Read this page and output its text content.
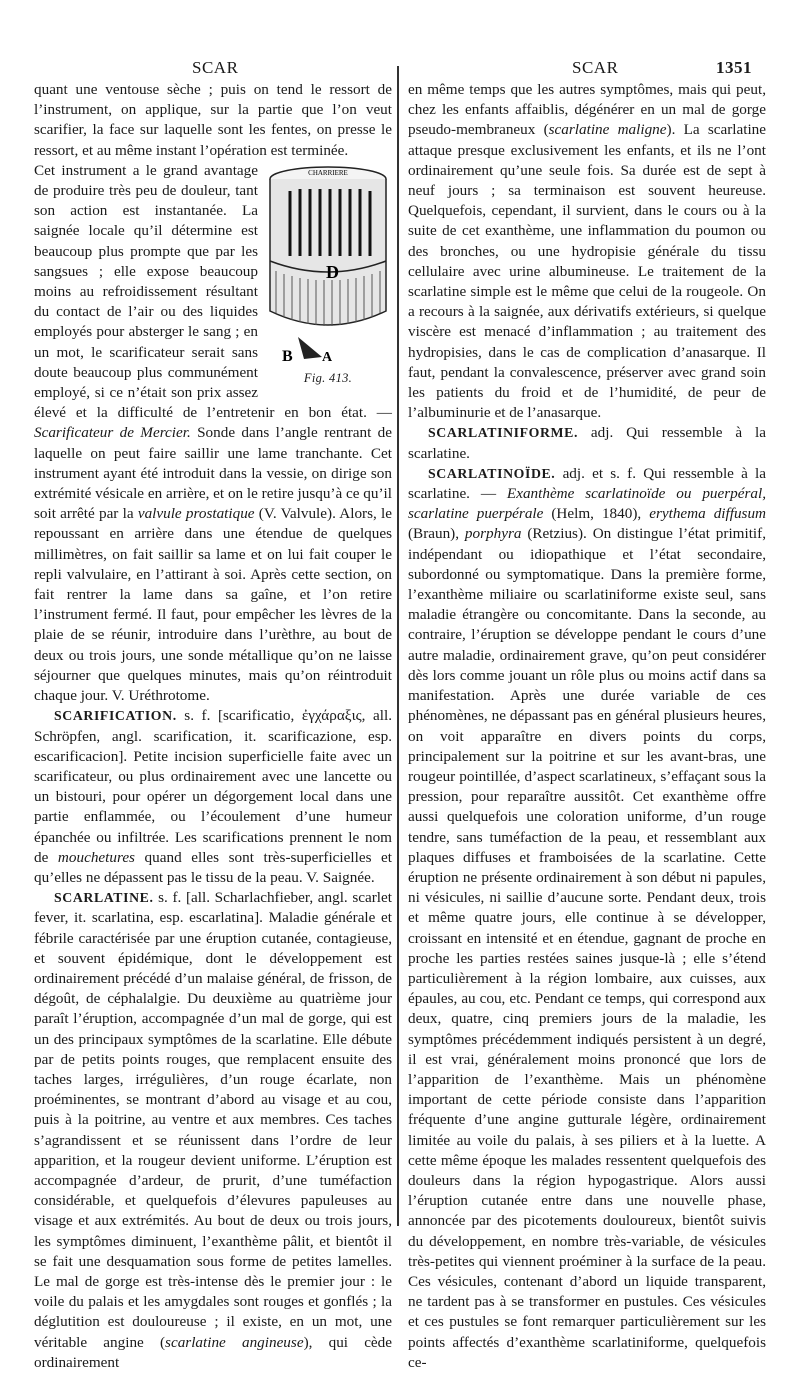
SCAR	SCAR	1351

quant une ventouse sèche ; puis on tend le ressort de l’instrument, on applique, sur la partie que l’on veut scarifier, la face sur laquelle sont les fentes, on presse le ressort, et au même instant l’opération est terminée.

CHARRIERE
D
B A
Fig. 413.

Cet instrument a le grand avantage de produire très peu de douleur, tant son action est instantanée. La saignée locale qu’il détermine est beaucoup plus prompte que par les sangsues ; elle expose beaucoup moins au refroidissement résultant du contact de l’air ou des liquides employés pour absterger le sang ; en un mot, le scarificateur serait sans doute beaucoup plus communément employé, si ce n’était son prix assez élevé et la difficulté de l’entretenir en bon état. — Scarificateur de Mercier. Sonde dans l’angle rentrant de laquelle on peut faire saillir une lame tranchante. Cet instrument ayant été introduit dans la vessie, on dirige son extrémité vésicale en arrière, et on le retire jusqu’à ce qu’il soit arrêté par la valvule prostatique (V. Valvule). Alors, le repoussant en arrière dans une étendue de quelques millimètres, on fait saillir sa lame et on lui fait couper le repli valvulaire, en l’attirant à soi. Après cette section, on fait rentrer la lame dans sa gaîne, et l’on retire l’instrument fermé. Il faut, pour empêcher les lèvres de la plaie de se réunir, introduire dans l’urèthre, au bout de deux ou trois jours, une sonde métallique qu’on ne laisse séjourner que quelques minutes, mais qu’on réintroduit chaque jour. V. Uréthrotome.

SCARIFICATION. s. f. [scarificatio, ἐγχάραξις, all. Schröpfen, angl. scarification, it. scarificazione, esp. escarificacion]. Petite incision superficielle faite avec un scarificateur, ou plus ordinairement avec une lancette ou un bistouri, pour opérer un dégorgement local dans une partie enflammée, ou l’écoulement d’une humeur épanchée ou infiltrée. Les scarifications prennent le nom de mouchetures quand elles sont très-superficielles et qu’elles ne dépassent pas le tissu de la peau. V. Saignée.

SCARLATINE. s. f. [all. Scharlachfieber, angl. scarlet fever, it. scarlatina, esp. escarlatina]. Maladie générale et fébrile caractérisée par une éruption cutanée, contagieuse, et souvent épidémique, dont le développement est ordinairement précédé d’un malaise général, de frisson, de dégoût, de céphalalgie. Du deuxième au quatrième jour paraît l’éruption, accompagnée d’un mal de gorge, qui est un des principaux symptômes de la scarlatine. Elle débute par de petits points rouges, que remplacent ensuite des taches larges, irrégulières, d’un rouge écarlate, non proéminentes, se montrant d’abord au visage et au cou, puis à la poitrine, au ventre et aux membres. Ces taches s’agrandissent et se réunissent dans l’ordre de leur apparition, et la rougeur devient uniforme. L’éruption est accompagnée d’ardeur, de prurit, d’une tuméfaction considérable, et quelquefois d’élevures papuleuses au visage et aux extrémités. Au bout de deux ou trois jours, les symptômes diminuent, l’exanthème pâlit, et bientôt il se fait une desquamation sous forme de petites lamelles. Le mal de gorge est très-intense dès le premier jour : le voile du palais et les amygdales sont rouges et gonflés ; la déglutition est douloureuse ; il existe, en un mot, une véritable angine (scarlatine angineuse), qui cède ordinairement

en même temps que les autres symptômes, mais qui peut, chez les enfants affaiblis, dégénérer en un mal de gorge pseudo-membraneux (scarlatine maligne). La scarlatine attaque presque exclusivement les enfants, et ils ne l’ont ordinairement qu’une seule fois. Sa durée est de sept à neuf jours ; sa terminaison est souvent heureuse. Quelquefois, cependant, il survient, dans le cours ou à la suite de cet exanthème, une inflammation du poumon ou des bronches, ou une hydropisie générale du tissu cellulaire avec urine albumineuse. Le traitement de la scarlatine simple est le même que celui de la rougeole. On a recours à la saignée, aux dérivatifs extérieurs, si quelque viscère est menacé d’inflammation ; au traitement des hydropisies, dans le cas de complication d’anasarque. Il faut, pendant la convalescence, préserver avec grand soin les patients du froid et de l’humidité, de peur de l’albuminurie et de l’anasarque.

SCARLATINIFORME. adj. Qui ressemble à la scarlatine.

SCARLATINOÏDE. adj. et s. f. Qui ressemble à la scarlatine. — Exanthème scarlatinoïde ou puerpéral, scarlatine puerpérale (Helm, 1840), erythema diffusum (Braun), porphyra (Retzius). On distingue l’état primitif, indépendant ou idiopathique et l’état secondaire, subordonné ou symptomatique. Dans la première forme, l’exanthème miliaire ou scarlatiniforme existe seul, sans maladie étrangère ou concomitante. Dans la seconde, au contraire, l’éruption se développe pendant le cours d’une autre maladie, ordinairement grave, qu’on peut considérer dès lors comme jouant un rôle plus ou moins actif dans sa manifestation. Après une durée variable de ces phénomènes, ne dépassant pas en général plusieurs heures, on voit apparaître en divers points du corps, principalement sur la poitrine et sur les avant-bras, une rougeur pointillée, d’aspect scarlatineux, s’effaçant sous la pression, pour reparaître aussitôt. Cet exanthème offre aussi quelquefois une coloration uniforme, d’un rouge tendre, sans tuméfaction de la peau, et ressemblant aux plaques diffuses et framboisées de la scarlatine. Cette éruption ne présente ordinairement à son début ni papules, ni vésicules, ni saillie d’aucune sorte. Pendant deux, trois et même quatre jours, elle continue à se développer, croissant en intensité et en étendue, gagnant de proche en proche les parties restées saines jusque-là ; elle s’étend particulièrement à la région lombaire, aux cuisses, aux épaules, au cou, etc. Pendant ce temps, qui correspond aux deux, quatre, cinq premiers jours de la maladie, les symptômes précédemment indiqués persistent à un degré, il est vrai, généralement moins prononcé que lors de l’apparition de l’exanthème. Mais un phénomène important de cette période consiste dans l’apparition fréquente d’une angine gutturale légère, ordinairement limitée au voile du palais, à ses piliers et à la luette. A cette même époque les malades ressentent quelquefois des douleurs dans la région hypogastrique. Alors aussi l’éruption cutanée entre dans une nouvelle phase, annoncée par des picotements douloureux, bientôt suivis du développement, en nombre très-variable, de vésicules très-petites qui viennent proéminer à la surface de la peau. Ces vésicules, contenant d’abord un liquide transparent, ne tardent pas à se transformer en pustules. Ces vésicules et ces pustules se font remarquer particulièrement sur les points affectés d’exanthème scarlatiniforme, quelquefois ce-
